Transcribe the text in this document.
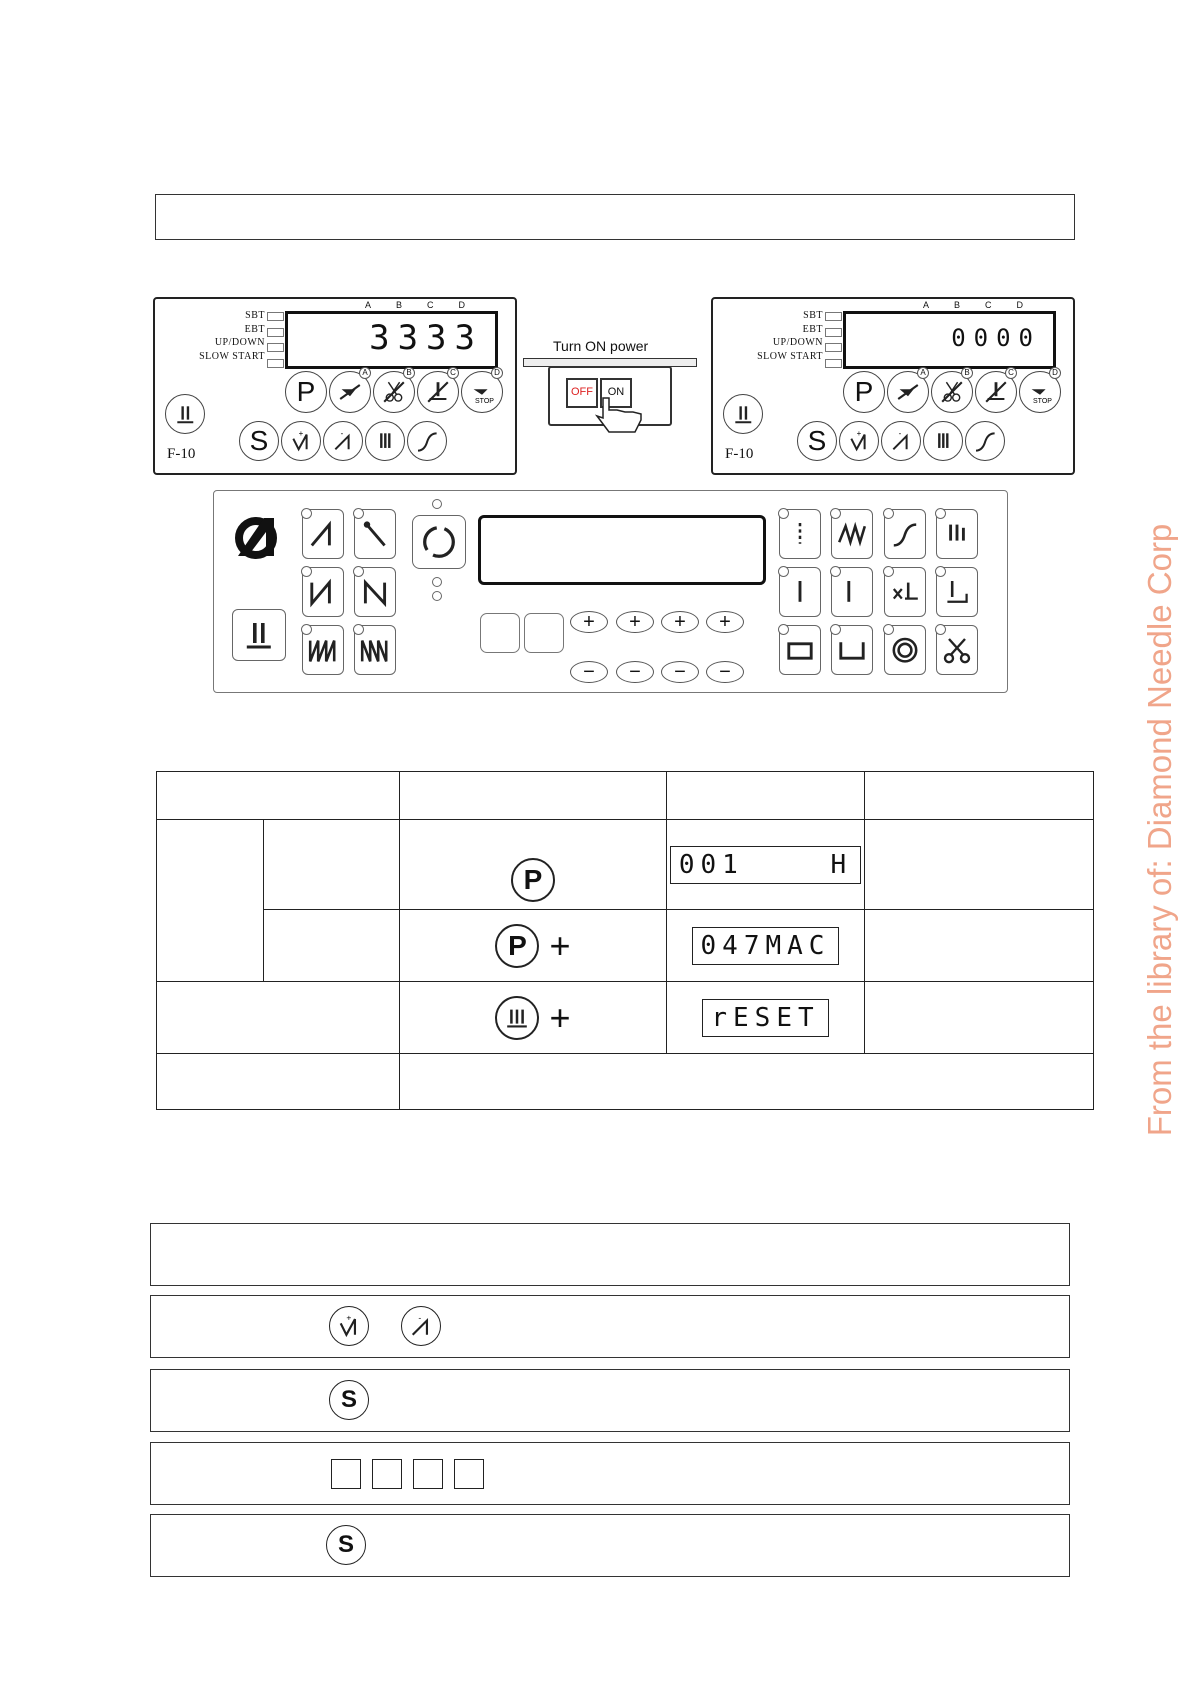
SBT
EBT
UP/DOWN
SLOW START
A	B	C	D
3333
P
A	B	C
STOP
D
F-10 S	+	-
Turn ON power
OFF	ON
SBT
EBT
UP/DOWN
SLOW START
A	B	C	D
0000
P
A	B	C
STOP
D
F-10 S	+	-
+	+	+	+
−	−	−	−

P	001    H	

P +	047MAC	

		+	rESET	

+	-
S
S
From the library of: Diamond Needle Corp
